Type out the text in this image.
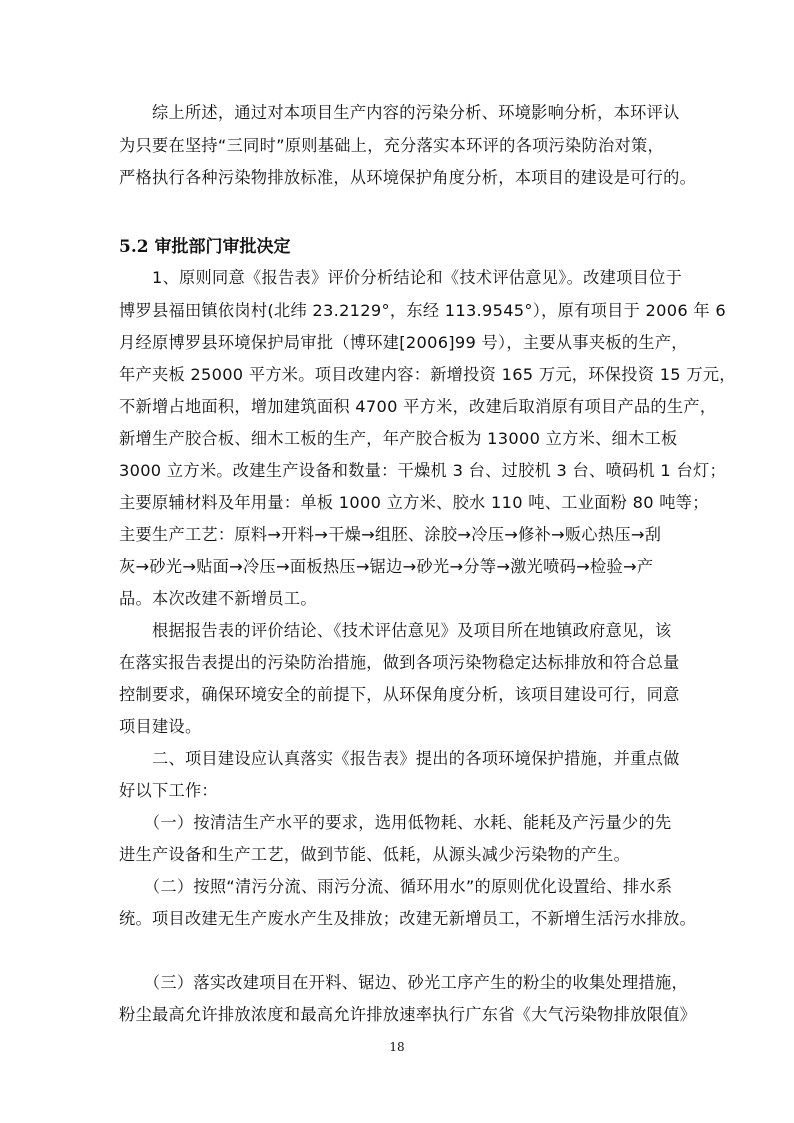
　　综上所述，通过对本项目生产内容的污染分析、环境影响分析，本环评认
为只要在坚持“三同时”原则基础上，充分落实本环评的各项污染防治对策，
严格执行各种污染物排放标准，从环境保护角度分析，本项目的建设是可行的。
5.2 审批部门审批决定
　　1、原则同意《报告表》评价分析结论和《技术评估意见》。改建项目位于
博罗县福田镇依岗村(北纬 23.2129°，东经 113.9545°），原有项目于 2006 年 6
月经原博罗县环境保护局审批（博环建[2006]99 号），主要从事夹板的生产，
年产夹板 25000 平方米。项目改建内容：新增投资 165 万元，环保投资 15 万元，
不新增占地面积，增加建筑面积 4700 平方米，改建后取消原有项目产品的生产，
新增生产胶合板、细木工板的生产，年产胶合板为 13000 立方米、细木工板
3000 立方米。改建生产设备和数量：干燥机 3 台、过胶机 3 台、喷码机 1 台灯；
主要原辅材料及年用量：单板 1000 立方米、胶水 110 吨、工业面粉 80 吨等；
主要生产工艺：原料→开料→干燥→组胚、涂胶→冷压→修补→贩心热压→刮
灰→砂光→贴面→冷压→面板热压→锯边→砂光→分等→激光喷码→检验→产
品。本次改建不新增员工。
　　根据报告表的评价结论、《技术评估意见》及项目所在地镇政府意见，该
在落实报告表提出的污染防治措施，做到各项污染物稳定达标排放和符合总量
控制要求，确保环境安全的前提下，从环保角度分析，该项目建设可行，同意
项目建设。
　　二、项目建设应认真落实《报告表》提出的各项环境保护措施，并重点做
好以下工作：
　　（一）按清洁生产水平的要求，选用低物耗、水耗、能耗及产污量少的先
进生产设备和生产工艺，做到节能、低耗，从源头减少污染物的产生。
　　（二）按照“清污分流、雨污分流、循环用水”的原则优化设置给、排水系
统。项目改建无生产废水产生及排放；改建无新增员工，不新增生活污水排放。
　　（三）落实改建项目在开料、锯边、砂光工序产生的粉尘的收集处理措施，
粉尘最高允许排放浓度和最高允许排放速率执行广东省《大气污染物排放限值》
18
